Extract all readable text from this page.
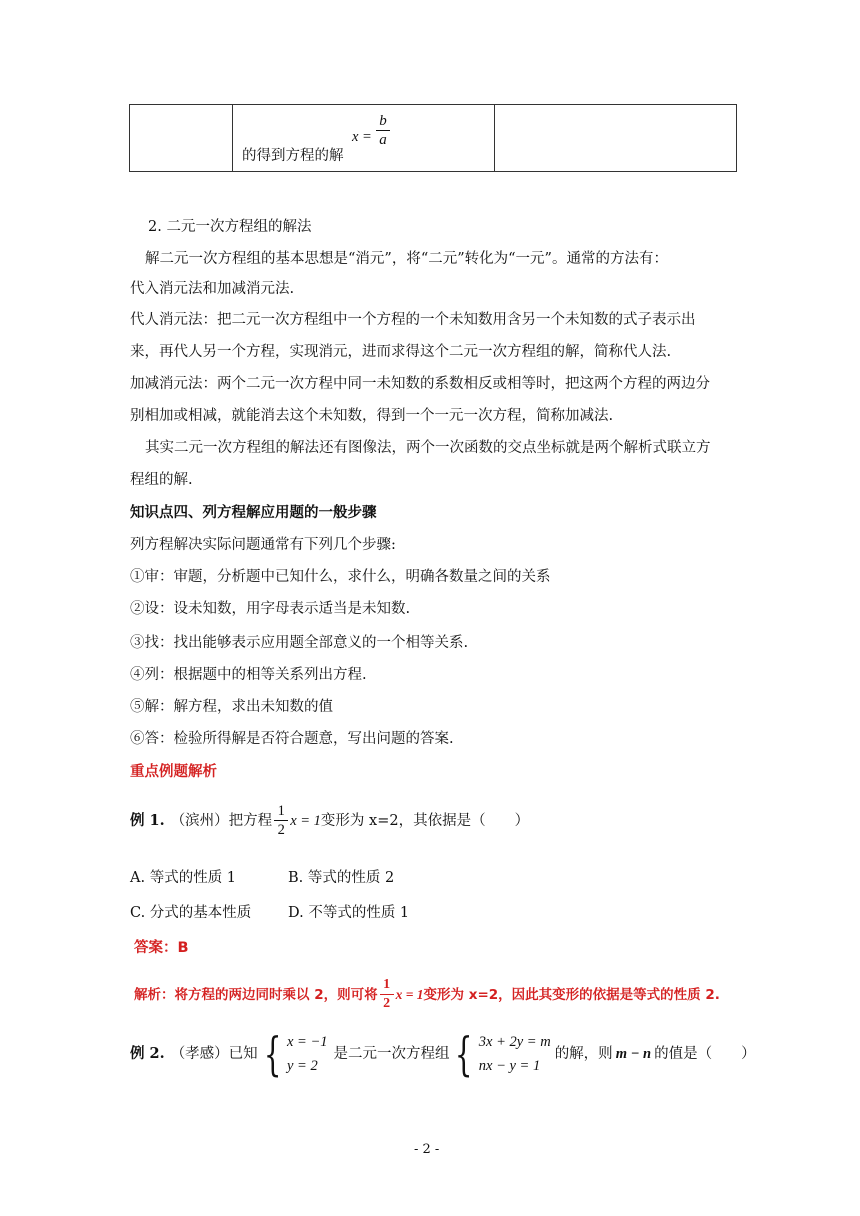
$x = \frac{b}{a}$
的得到方程的解
2. 二元一次方程组的解法
解二元一次方程组的基本思想是“消元”，将“二元”转化为“一元”。通常的方法有：
代入消元法和加减消元法.
代人消元法：把二元一次方程组中一个方程的一个未知数用含另一个未知数的式子表示出
来，再代人另一个方程，实现消元，进而求得这个二元一次方程组的解，简称代人法.
加减消元法：两个二元一次方程中同一未知数的系数相反或相等时，把这两个方程的两边分
别相加或相减，就能消去这个未知数，得到一个一元一次方程，简称加减法.
其实二元一次方程组的解法还有图像法，两个一次函数的交点坐标就是两个解析式联立方
程组的解.
知识点四、列方程解应用题的一般步骤
列方程解决实际问题通常有下列几个步骤:
①审：审题，分析题中已知什么，求什么，明确各数量之间的关系
②设：设未知数，用字母表示适当是未知数.
③找：找出能够表示应用题全部意义的一个相等关系.
④列：根据题中的相等关系列出方程.
⑤解：解方程，求出未知数的值
⑥答：检验所得解是否符合题意，写出问题的答案.
重点例题解析
例 1. （滨州）把方程 $\frac{1}{2}$ x = 1 变形为 x=2，其依据是（　　）
A. 等式的性质 1	B. 等式的性质 2
C. 分式的基本性质	D. 不等式的性质 1
答案：B
解析：将方程的两边同时乘以 2，则可将 $\frac{1}{2}$ x = 1 变形为 x=2，因此其变形的依据是等式的性质 2.
例 2. （孝感）已知 { x = −1
y = 2
是二元一次方程组 { 3x + 2y = m
nx − y = 1
的解，则 m − n 的值是（　　）
- 2 -
